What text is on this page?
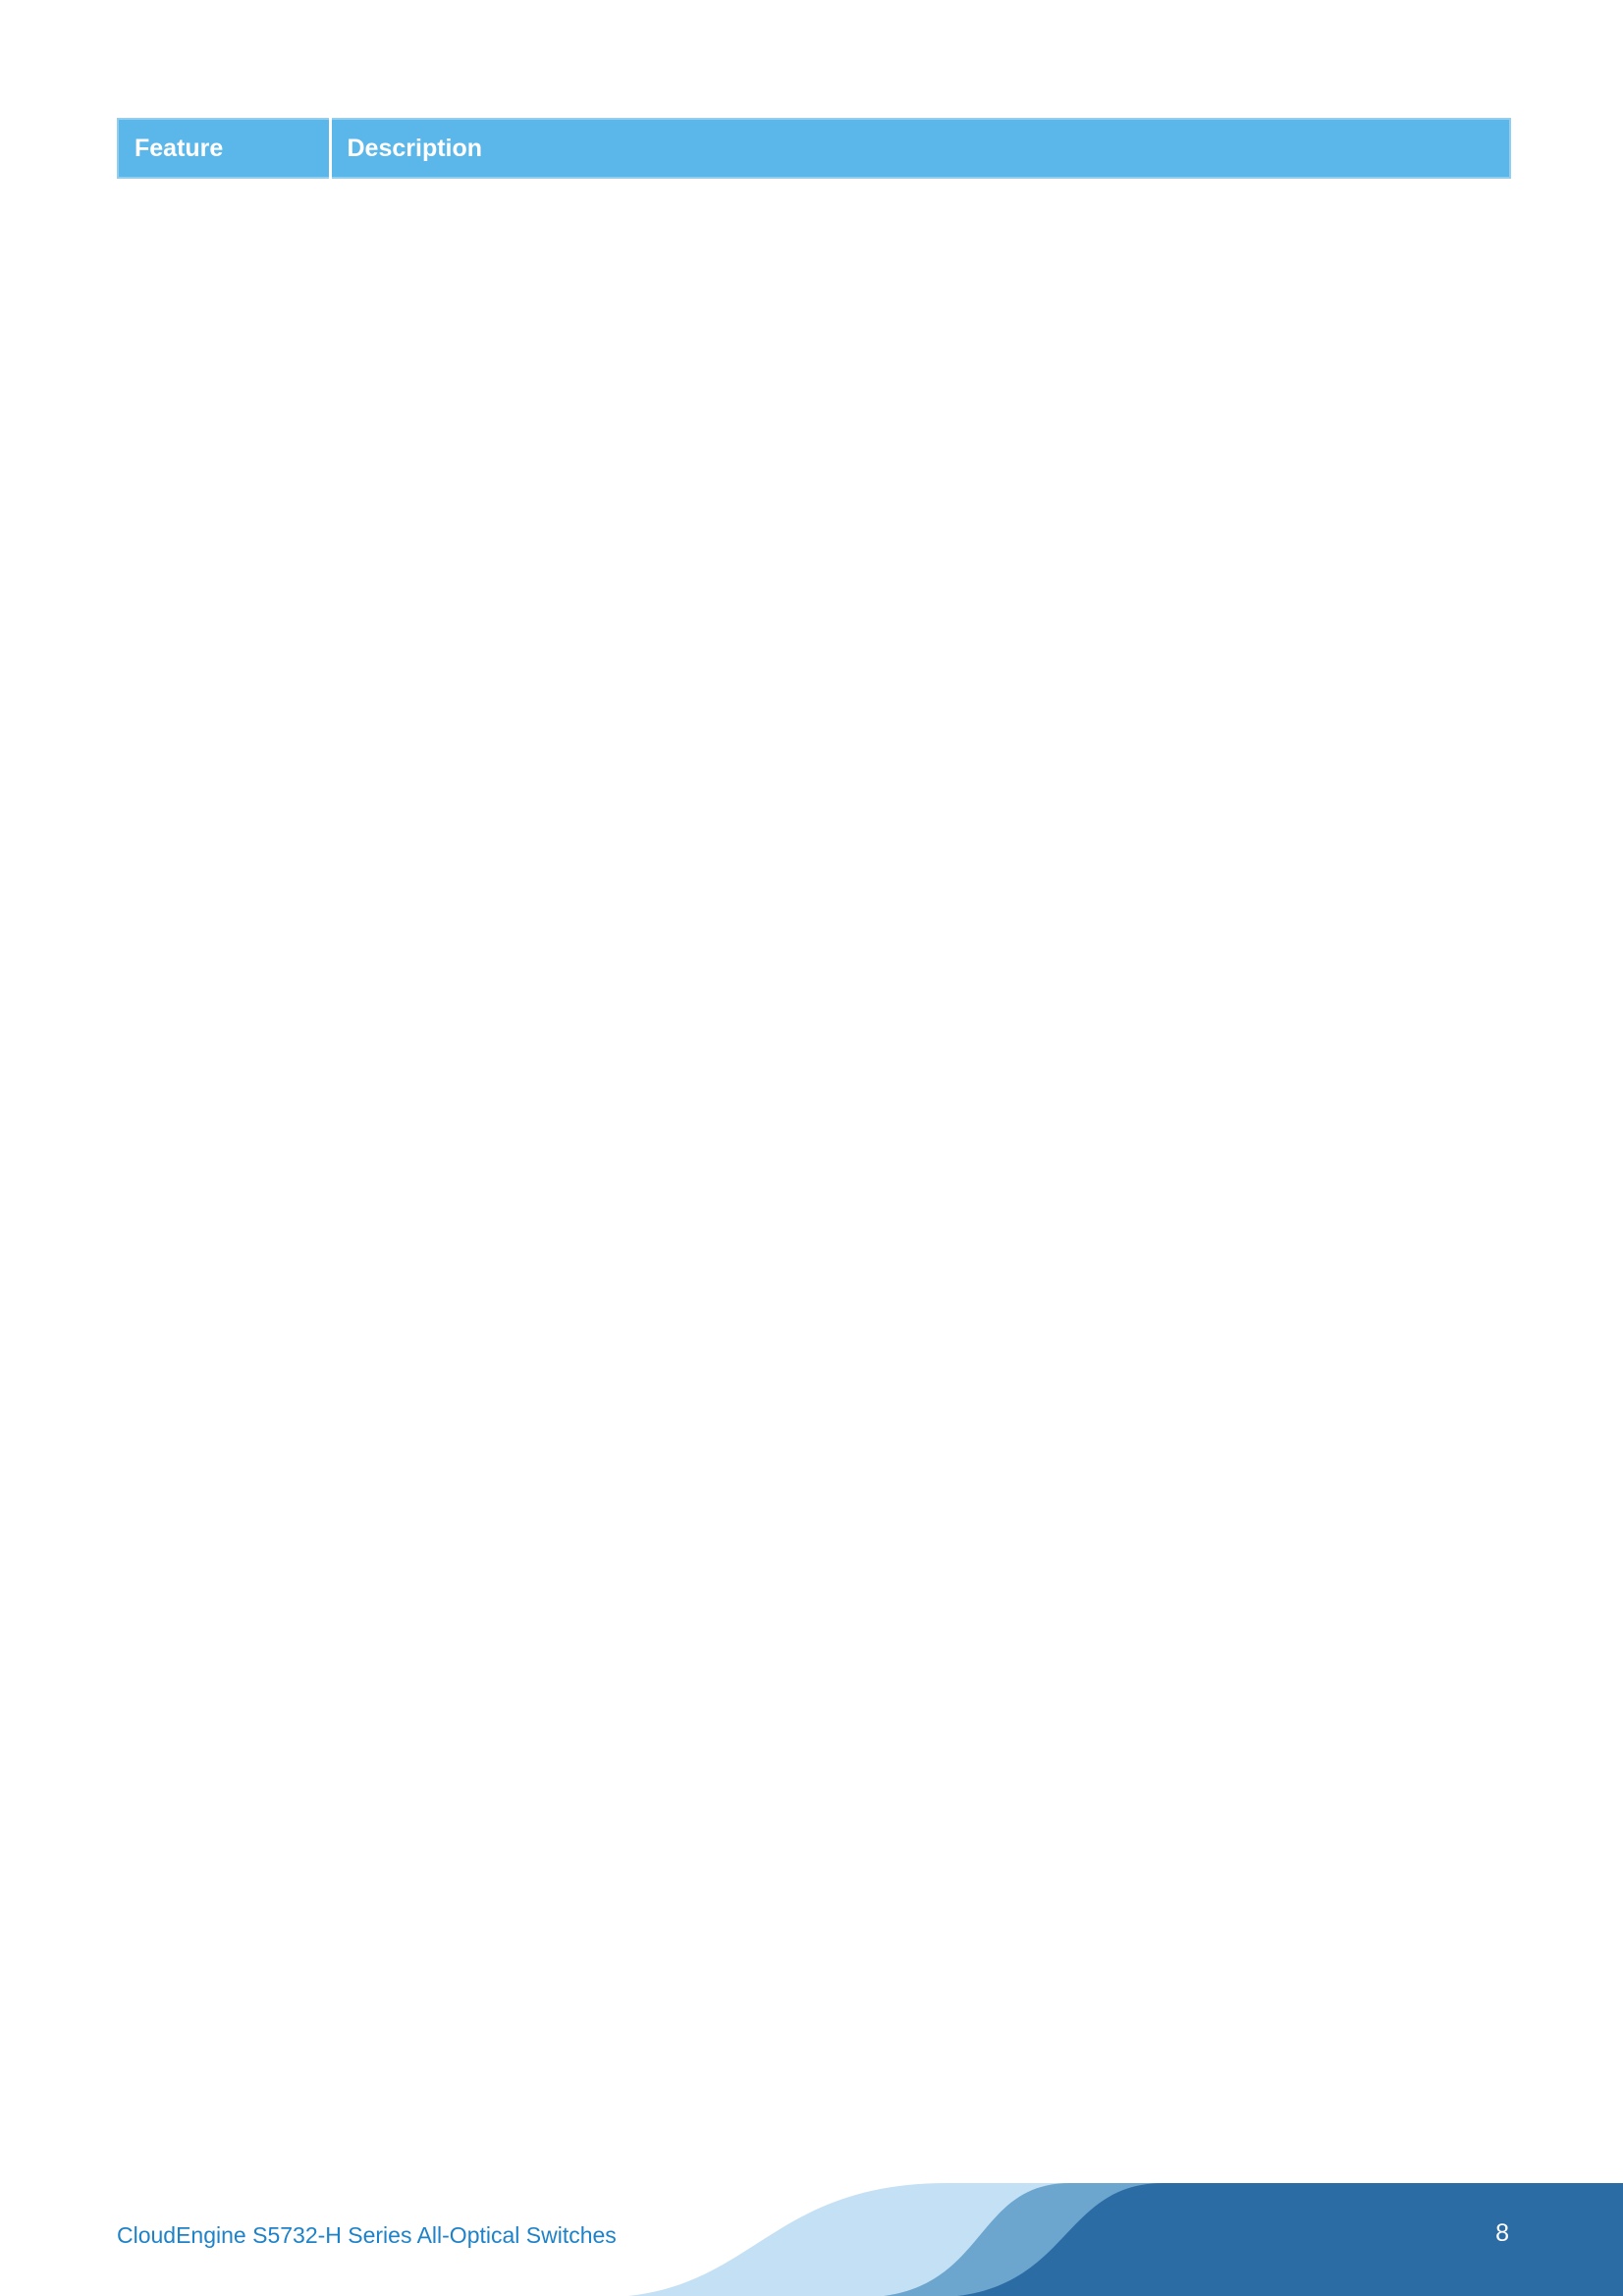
Feature	Description
CloudEngine S5732-H Series All-Optical Switches	8
